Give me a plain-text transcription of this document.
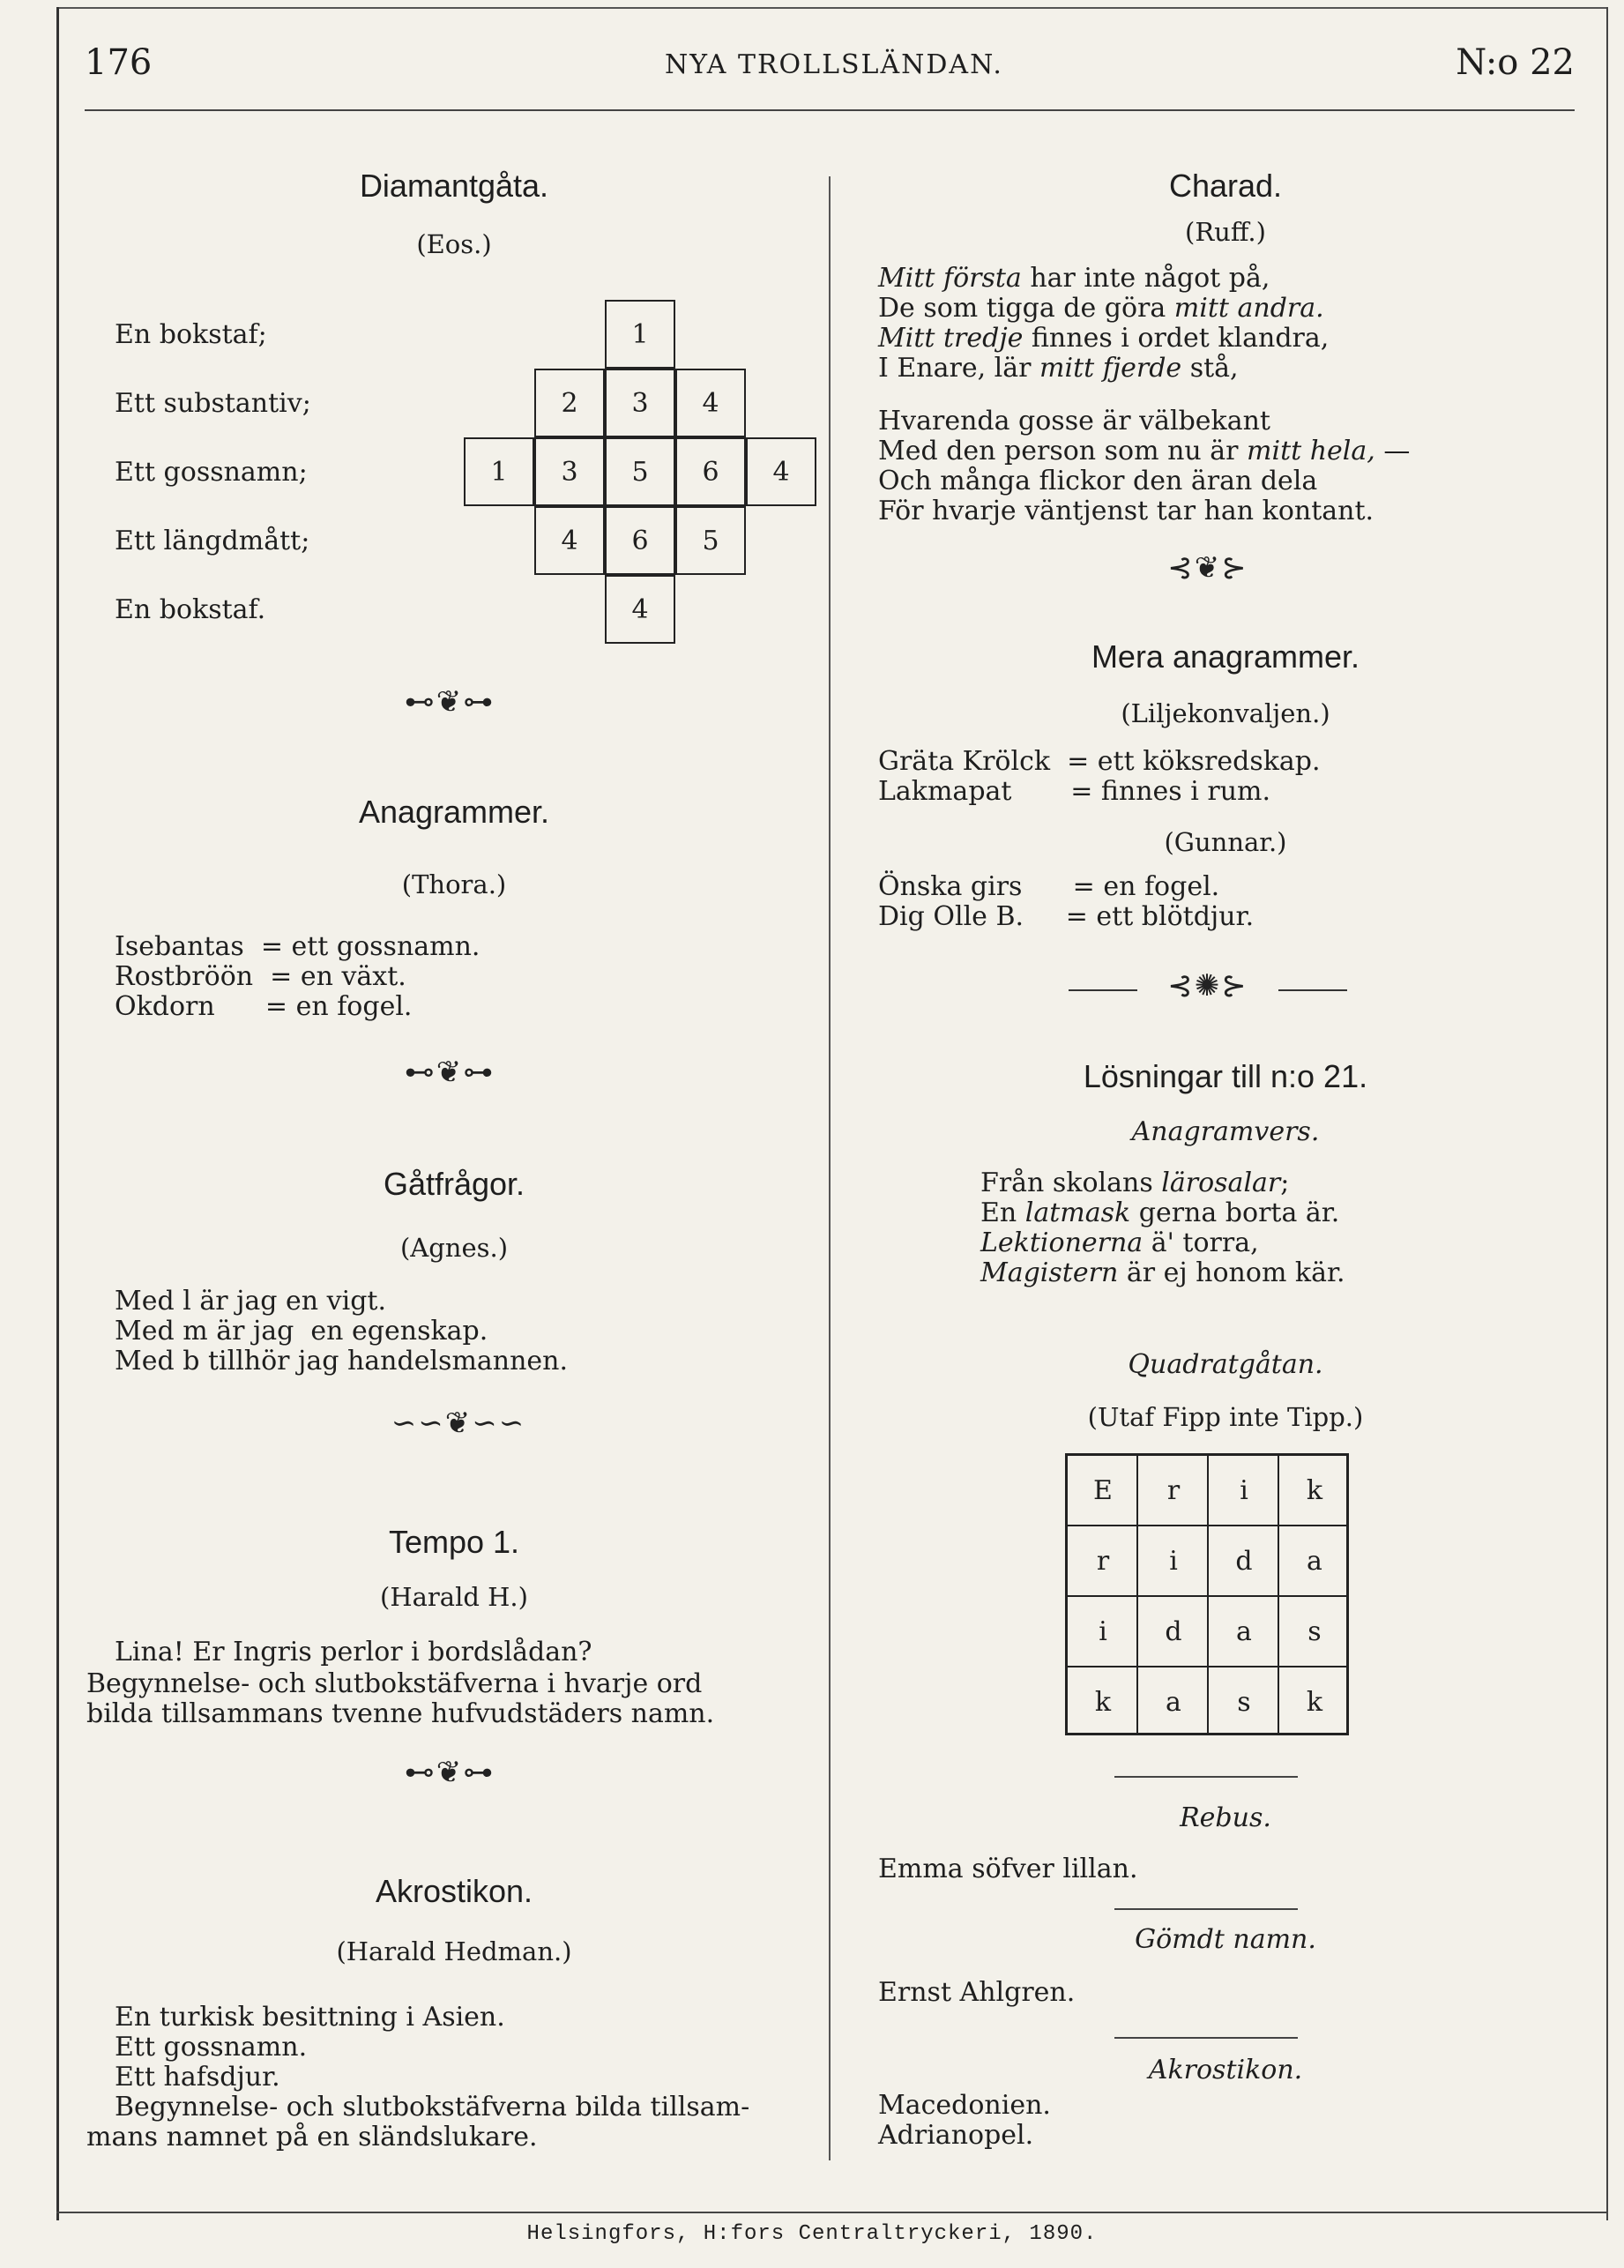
176	NYA TROLLSLÄNDAN.	N:o 22
Diamantgåta.
(Eos.)
En bokstaf;
Ett substantiv;
Ett gossnamn;
Ett längdmått;
En bokstaf.
1
2	3	4
1	3	5	6	4
4	6	5
4
⊷❦⊶
Anagrammer.
(Thora.)
Isebantas  = ett gossnamn.
Rostbröön  = en växt.
Okdorn      = en fogel.
⊷❦⊶
Gåtfrågor.
(Agnes.)
Med l är jag en vigt.
Med m är jag  en egenskap.
Med b tillhör jag handelsmannen.
∽∽❦∽∽
Tempo 1.
(Harald H.)
Lina! Er Ingris perlor i bordslådan?
Begynnelse- och slutbokstäfverna i hvarje ord
bilda tillsammans tvenne hufvudstäders namn.
⊷❦⊶
Akrostikon.
(Harald Hedman.)
En turkisk besittning i Asien.
Ett gossnamn.
Ett hafsdjur.
Begynnelse- och slutbokstäfverna bilda tillsam-
mans namnet på en sländslukare.
Charad.
(Ruff.)
Mitt första har inte något på,
De som tigga de göra mitt andra.
Mitt tredje finnes i ordet klandra,
I Enare, lär mitt fjerde stå,
Hvarenda gosse är välbekant
Med den person som nu är mitt hela, —
Och många flickor den äran dela
För hvarje väntjenst tar han kontant.
⊰❦⊱
Mera anagrammer.
(Liljekonvaljen.)
Gräta Krölck  = ett köksredskap.
Lakmapat       = finnes i rum.
(Gunnar.)
Önska girs      = en fogel.
Dig Olle B.     = ett blötdjur.
⊰✺⊱
Lösningar till n:o 21.
Anagramvers.
Från skolans lärosalar;
En latmask gerna borta är.
Lektionerna ä' torra,
Magistern är ej honom kär.
Quadratgåtan.
(Utaf Fipp inte Tipp.)
E	r	i	k
r	i	d	a
i	d	a	s
k	a	s	k
Rebus.
Emma söfver lillan.
Gömdt namn.
Ernst Ahlgren.
Akrostikon.
Macedonien.
Adrianopel.
Helsingfors, H:fors Centraltryckeri, 1890.
